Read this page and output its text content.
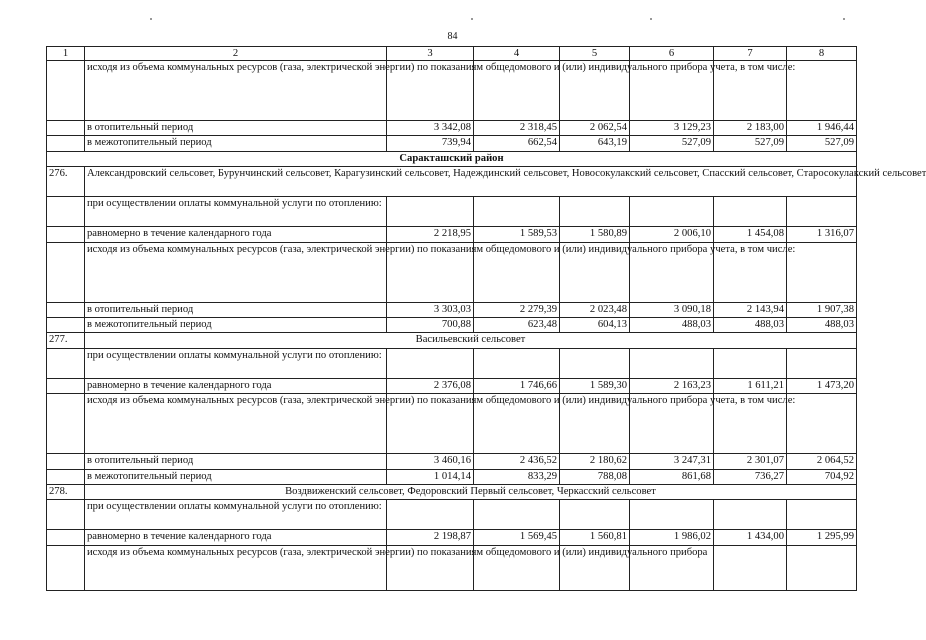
84
1	2	3	4	5	6	7	8
	исходя из объема коммунальных ресурсов (газа, электрической энергии) по показаниям общедомового и (или) индивидуального прибора учета, в том числе:						
	в отопительный период	3 342,08	2 318,45	2 062,54	3 129,23	2 183,00	1 946,44
	в межотопительный период	739,94	662,54	643,19	527,09	527,09	527,09
Саракташский район							
276.	Александровский сельсовет, Бурунчинский сельсовет, Карагузинский сельсовет, Надеждинский сельсовет, Новосокулакский сельсовет, Спасский сельсовет, Старосокулакский сельсовет						
	при осуществлении оплаты коммунальной услуги по отоплению:						
	равномерно в течение календарного года	2 218,95	1 589,53	1 580,89	2 006,10	1 454,08	1 316,07
	исходя из объема коммунальных ресурсов (газа, электрической энергии) по показаниям общедомового и (или) индивидуального прибора учета, в том числе:						
	в отопительный период	3 303,03	2 279,39	2 023,48	3 090,18	2 143,94	1 907,38
	в межотопительный период	700,88	623,48	604,13	488,03	488,03	488,03
277.	Васильевский сельсовет						
	при осуществлении оплаты коммунальной услуги по отоплению:						
	равномерно в течение календарного года	2 376,08	1 746,66	1 589,30	2 163,23	1 611,21	1 473,20
	исходя из объема коммунальных ресурсов (газа, электрической энергии) по показаниям общедомового и (или) индивидуального прибора учета, в том числе:						
	в отопительный период	3 460,16	2 436,52	2 180,62	3 247,31	2 301,07	2 064,52
	в межотопительный период	1 014,14	833,29	788,08	861,68	736,27	704,92
278.	Воздвиженский сельсовет, Федоровский Первый сельсовет, Черкасский сельсовет						
	при осуществлении оплаты коммунальной услуги по отоплению:						
	равномерно в течение календарного года	2 198,87	1 569,45	1 560,81	1 986,02	1 434,00	1 295,99
	исходя из объема коммунальных ресурсов (газа, электрической энергии) по показаниям общедомового и (или) индивидуального прибора						
